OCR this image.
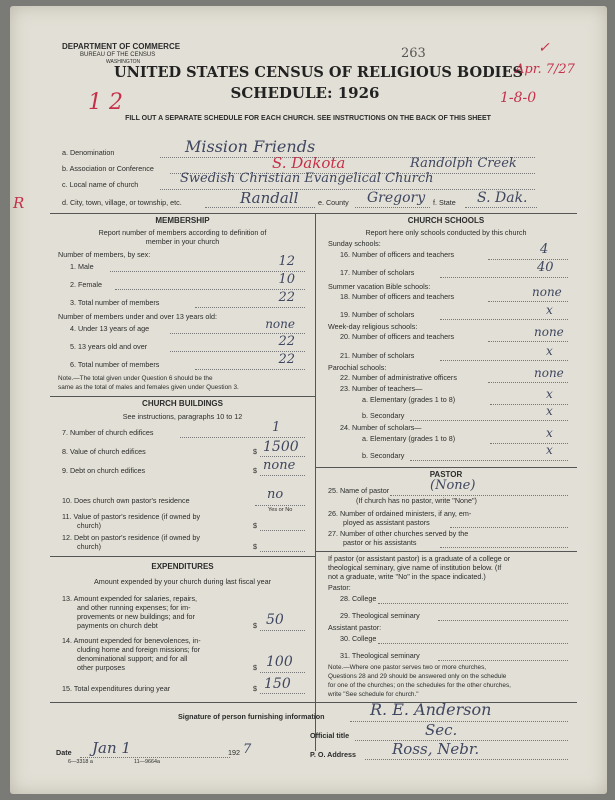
DEPARTMENT OF COMMERCE
BUREAU OF THE CENSUS
WASHINGTON
263
UNITED STATES CENSUS OF RELIGIOUS BODIES
SCHEDULE: 1926
FILL OUT A SEPARATE SCHEDULE FOR EACH CHURCH. SEE INSTRUCTIONS ON THE BACK OF THIS SHEET
Apr. 7/27
1-8-0
1 2
R
✓
a. Denomination	Mission Friends
b. Association or Conference	S. Dakota	Randolph Creek
c. Local name of church	Swedish Christian Evangelical Church
d. City, town, village, or township, etc.	Randall	e. County Gregory f. State S. Dak.
MEMBERSHIP
Report number of members according to definition of
member in your church
Number of members, by sex:
1. Male	12
2. Female	10
3. Total number of members	22
Number of members under and over 13 years old:
4. Under 13 years of age	none
5. 13 years old and over	22
6. Total number of members	22
Note.—The total given under Question 6 should be the
same as the total of males and females given under Question 3.
CHURCH BUILDINGS
See instructions, paragraphs 10 to 12
7. Number of church edifices	1
8. Value of church edifices	$ 1500
9. Debt on church edifices	$ none
10. Does church own pastor's residence	no
Yes or No
11. Value of pastor's residence (if owned by
church)	$
12. Debt on pastor's residence (if owned by
church)	$
EXPENDITURES
Amount expended by your church during last fiscal year
13. Amount expended for salaries, repairs,
and other running expenses; for im-
provements or new buildings; and for
payments on church debt	$ 50
14. Amount expended for benevolences, in-
cluding home and foreign missions; for
denominational support; and for all
other purposes	$ 100
15. Total expenditures during year	$ 150
CHURCH SCHOOLS
Report here only schools conducted by this church
Sunday schools:
16. Number of officers and teachers	4
17. Number of scholars	40
Summer vacation Bible schools:
18. Number of officers and teachers	none
19. Number of scholars	x
Week-day religious schools:
20. Number of officers and teachers	none
21. Number of scholars	x
Parochial schools:
22. Number of administrative officers	none
23. Number of teachers—
a. Elementary (grades 1 to 8)	x
b. Secondary	x
24. Number of scholars—
a. Elementary (grades 1 to 8)	x
b. Secondary	x
PASTOR
25. Name of pastor	(None)
(If church has no pastor, write "None")
26. Number of ordained ministers, if any, em-
ployed as assistant pastors
27. Number of other churches served by the
pastor or his assistants
If pastor (or assistant pastor) is a graduate of a college or
theological seminary, give name of institution below. (If
not a graduate, write "No" in the space indicated.)
Pastor:
28. College
29. Theological seminary
Assistant pastor:
30. College
31. Theological seminary
Note.—Where one pastor serves two or more churches,
Questions 28 and 29 should be answered only on the schedule
for one of the churches; on the schedules for the other churches,
write "See schedule for church."
Signature of person furnishing information	R. E. Anderson
Official title	Sec.
Date Jan 1	192 7	P. O. Address Ross, Nebr.
6—3318 a	11—9664a
